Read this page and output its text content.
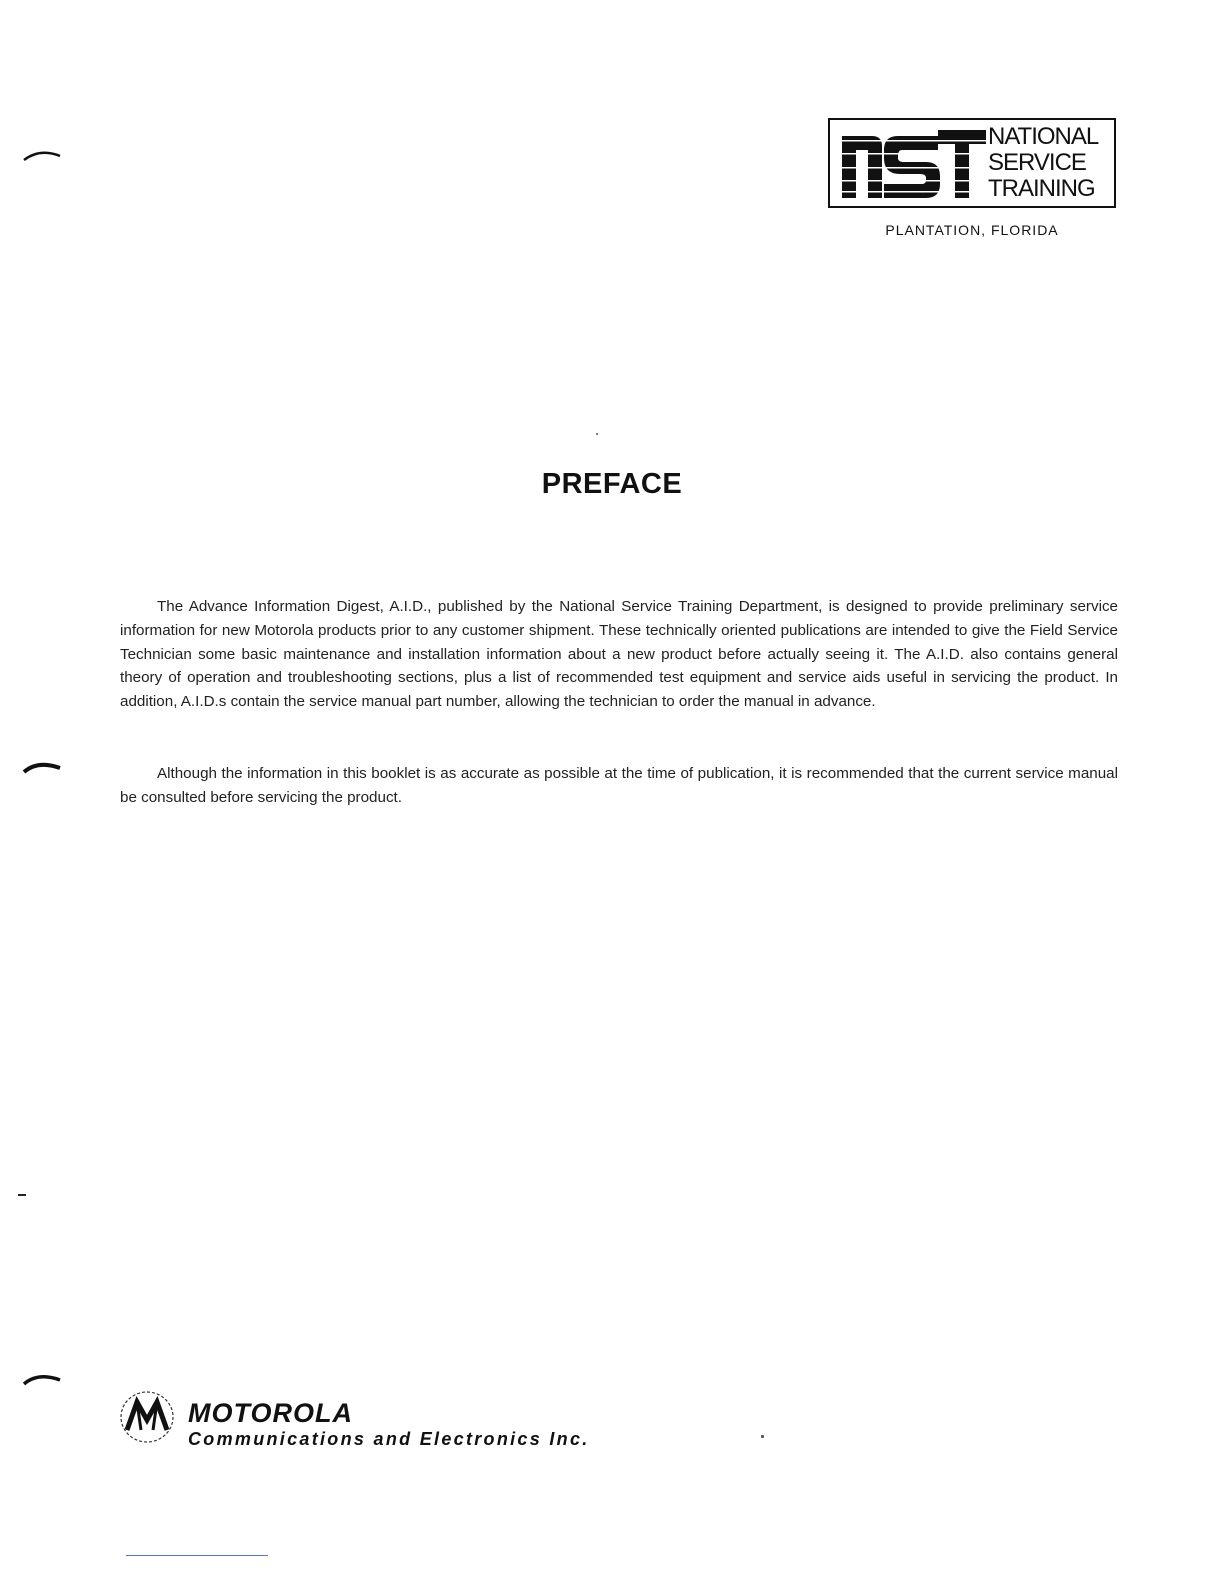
NATIONAL
SERVICE
TRAINING
PLANTATION, FLORIDA
PREFACE

The Advance Information Digest, A.I.D., published by the National Service Training Department, is designed to provide preliminary service information for new Motorola products prior to any customer shipment. These technically oriented publications are intended to give the Field Service Technician some basic maintenance and installation information about a new product before actually seeing it. The A.I.D. also contains general theory of operation and troubleshooting sections, plus a list of recommended test equipment and service aids useful in servicing the product. In addition, A.I.D.s contain the service manual part number, allowing the technician to order the manual in advance.

Although the information in this booklet is as accurate as possible at the time of publication, it is recommended that the current service manual be consulted before servicing the product.

MOTOROLA
Communications and Electronics Inc.
